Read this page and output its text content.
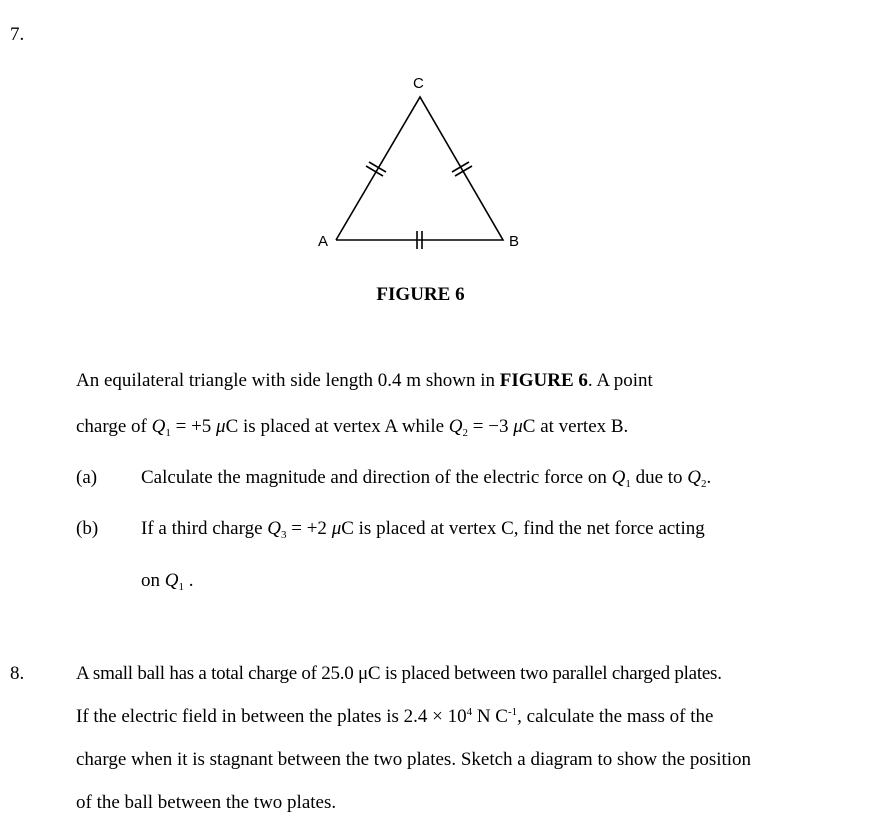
7.
C
A	B
FIGURE 6
An equilateral triangle with side length 0.4 m shown in FIGURE 6. A point
charge of $Q_1 = +5$ μC is placed at vertex A while $Q_2 = -3$ μC at vertex B.
(a) Calculate the magnitude and direction of the electric force on $Q_1$ due to $Q_2$.
(b) If a third charge $Q_3 = +2$ μC is placed at vertex C, find the net force acting
on $Q_1$ .
8.	A small ball has a total charge of 25.0 μC is placed between two parallel charged plates.
If the electric field in between the plates is $2.4 \times 10^4$ N $C^{-1}$, calculate the mass of the
charge when it is stagnant between the two plates. Sketch a diagram to show the position
of the ball between the two plates.
